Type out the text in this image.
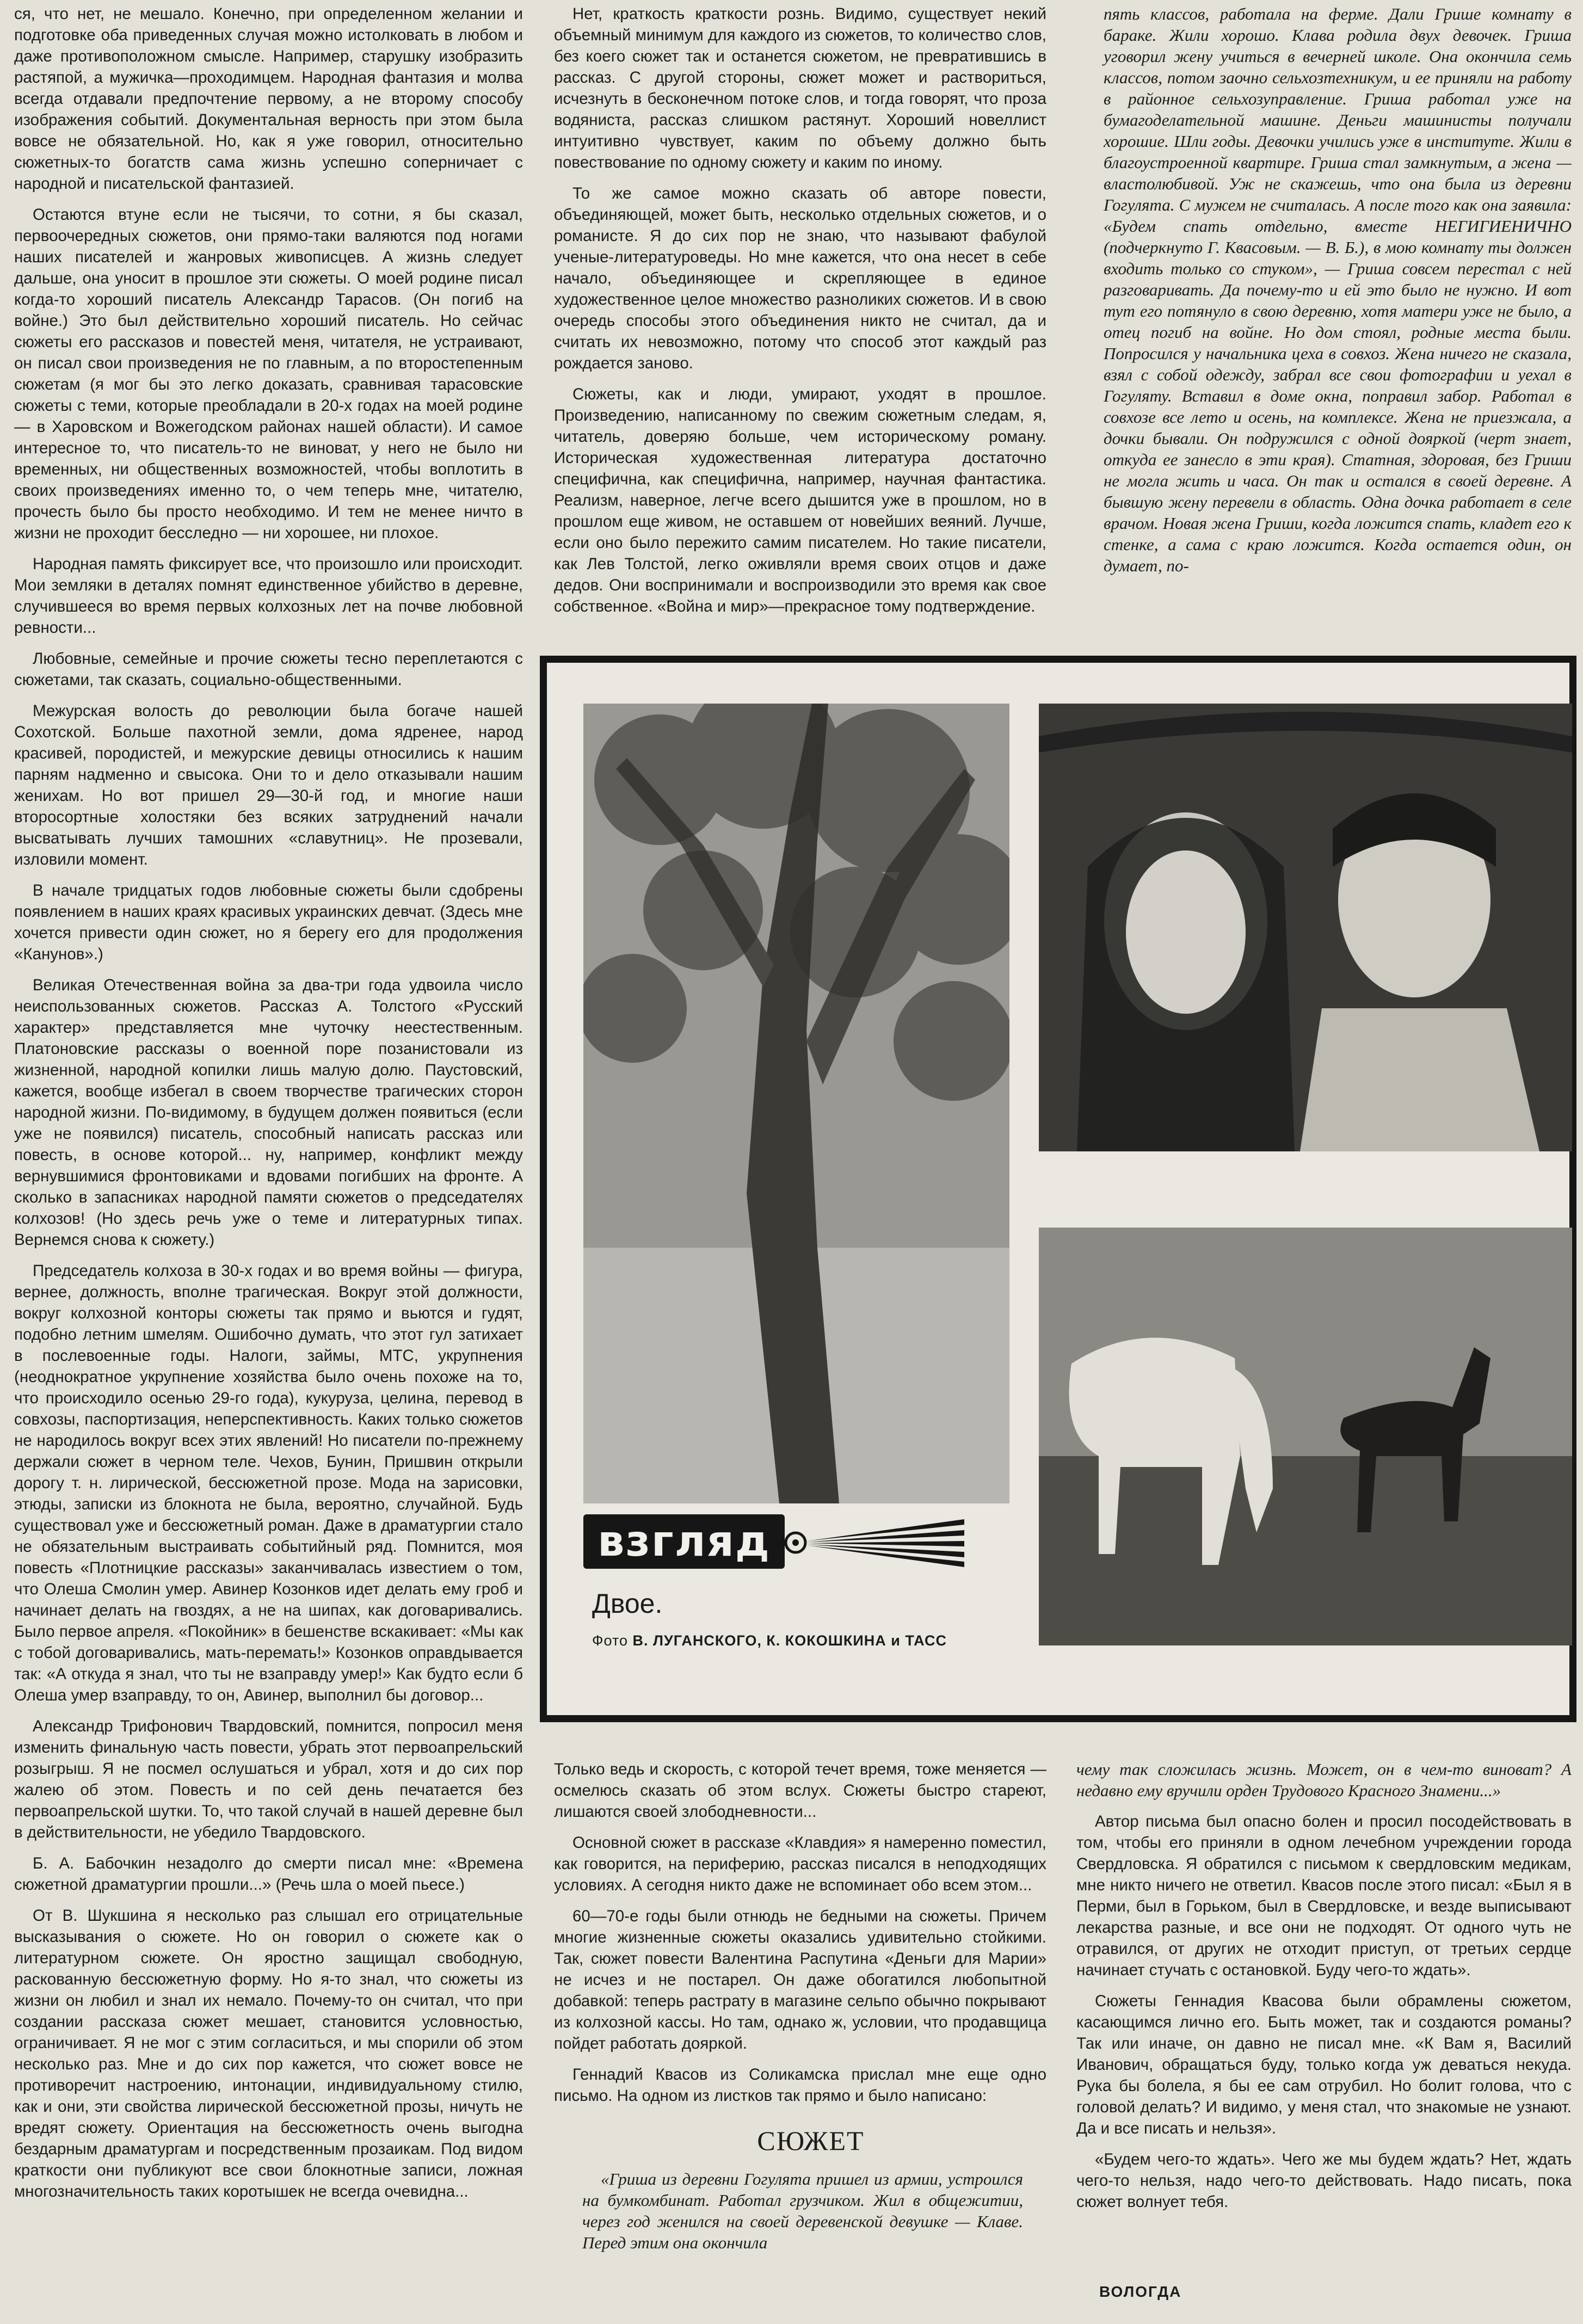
ся, что нет, не мешало. Конечно, при определенном желании и подготовке оба приведенных случая можно истолковать в любом и даже противоположном смысле. Например, старушку изобразить растяпой, а мужичка—проходимцем. Народная фантазия и молва всегда отдавали предпочтение первому, а не второму способу изображения событий. Документальная верность при этом была вовсе не обязательной. Но, как я уже говорил, относительно сюжетных-то богатств сама жизнь успешно соперничает с народной и писательской фантазией.

Остаются втуне если не тысячи, то сотни, я бы сказал, первоочередных сюжетов, они прямо-таки валяются под ногами наших писателей и жанровых живописцев. А жизнь следует дальше, она уносит в прошлое эти сюжеты. О моей родине писал когда-то хороший писатель Александр Тарасов. (Он погиб на войне.) Это был действительно хороший писатель. Но сейчас сюжеты его рассказов и повестей меня, читателя, не устраивают, он писал свои произведения не по главным, а по второстепенным сюжетам (я мог бы это легко доказать, сравнивая тарасовские сюжеты с теми, которые преобладали в 20-х годах на моей родине — в Харовском и Вожегодском районах нашей области). И самое интересное то, что писатель-то не виноват, у него не было ни временных, ни общественных возможностей, чтобы воплотить в своих произведениях именно то, о чем теперь мне, читателю, прочесть было бы просто необходимо. И тем не менее ничто в жизни не проходит бесследно — ни хорошее, ни плохое.

Народная память фиксирует все, что произошло или происходит. Мои земляки в деталях помнят единственное убийство в деревне, случившееся во время первых колхозных лет на почве любовной ревности...

Любовные, семейные и прочие сюжеты тесно переплетаются с сюжетами, так сказать, социально-общественными.

Межурская волость до революции была богаче нашей Сохотской. Больше пахотной земли, дома ядренее, народ красивей, породистей, и межурские девицы относились к нашим парням надменно и свысока. Они то и дело отказывали нашим женихам. Но вот пришел 29—30-й год, и многие наши второсортные холостяки без всяких затруднений начали высватывать лучших тамошних «славутниц». Не прозевали, изловили момент.

В начале тридцатых годов любовные сюжеты были сдобрены появлением в наших краях красивых украинских девчат. (Здесь мне хочется привести один сюжет, но я берегу его для продолжения «Канунов».)

Великая Отечественная война за два-три года удвоила число неиспользованных сюжетов. Рассказ А. Толстого «Русский характер» представляется мне чуточку неестественным. Платоновские рассказы о военной поре позанистовали из жизненной, народной копилки лишь малую долю. Паустовский, кажется, вообще избегал в своем творчестве трагических сторон народной жизни. По-видимому, в будущем должен появиться (если уже не появился) писатель, способный написать рассказ или повесть, в основе которой... ну, например, конфликт между вернувшимися фронтовиками и вдовами погибших на фронте. А сколько в запасниках народной памяти сюжетов о председателях колхозов! (Но здесь речь уже о теме и литературных типах. Вернемся снова к сюжету.)

Председатель колхоза в 30-х годах и во время войны — фигура, вернее, должность, вполне трагическая. Вокруг этой должности, вокруг колхозной конторы сюжеты так прямо и вьются и гудят, подобно летним шмелям. Ошибочно думать, что этот гул затихает в послевоенные годы. Налоги, займы, МТС, укрупнения (неоднократное укрупнение хозяйства было очень похоже на то, что происходило осенью 29-го года), кукуруза, целина, перевод в совхозы, паспортизация, неперспективность. Каких только сюжетов не народилось вокруг всех этих явлений! Но писатели по-прежнему держали сюжет в черном теле. Чехов, Бунин, Пришвин открыли дорогу т. н. лирической, бессюжетной прозе. Мода на зарисовки, этюды, записки из блокнота не была, вероятно, случайной. Будь существовал уже и бессюжетный роман. Даже в драматургии стало не обязательным выстраивать событийный ряд. Помнится, моя повесть «Плотницкие рассказы» заканчивалась известием о том, что Олеша Смолин умер. Авинер Козонков идет делать ему гроб и начинает делать на гвоздях, а не на шипах, как договаривались. Было первое апреля. «Покойник» в бешенстве вскакивает: «Мы как с тобой договаривались, мать-перемать!» Козонков оправдывается так: «А откуда я знал, что ты не взаправду умер!» Как будто если б Олеша умер взаправду, то он, Авинер, выполнил бы договор...

Александр Трифонович Твардовский, помнится, попросил меня изменить финальную часть повести, убрать этот первоапрельский розыгрыш. Я не посмел ослушаться и убрал, хотя и до сих пор жалею об этом. Повесть и по сей день печатается без первоапрельской шутки. То, что такой случай в нашей деревне был в действительности, не убедило Твардовского.

Б. А. Бабочкин незадолго до смерти писал мне: «Времена сюжетной драматургии прошли...» (Речь шла о моей пьесе.)

От В. Шукшина я несколько раз слышал его отрицательные высказывания о сюжете. Но он говорил о сюжете как о литературном сюжете. Он яростно защищал свободную, раскованную бессюжетную форму. Но я-то знал, что сюжеты из жизни он любил и знал их немало. Почему-то он считал, что при создании рассказа сюжет мешает, становится условностью, ограничивает. Я не мог с этим согласиться, и мы спорили об этом несколько раз. Мне и до сих пор кажется, что сюжет вовсе не противоречит настроению, интонации, индивидуальному стилю, как и они, эти свойства лирической бессюжетной прозы, ничуть не вредят сюжету. Ориентация на бессюжетность очень выгодна бездарным драматургам и посредственным прозаикам. Под видом краткости они публикуют все свои блокнотные записи, ложная многозначительность таких коротышек не всегда очевидна...

Нет, краткость краткости рознь. Видимо, существует некий объемный минимум для каждого из сюжетов, то количество слов, без коего сюжет так и останется сюжетом, не превратившись в рассказ. С другой стороны, сюжет может и раствориться, исчезнуть в бесконечном потоке слов, и тогда говорят, что проза водяниста, рассказ слишком растянут. Хороший новеллист интуитивно чувствует, каким по объему должно быть повествование по одному сюжету и каким по иному.

То же самое можно сказать об авторе повести, объединяющей, может быть, несколько отдельных сюжетов, и о романисте. Я до сих пор не знаю, что называют фабулой ученые-литературоведы. Но мне кажется, что она несет в себе начало, объединяющее и скрепляющее в единое художественное целое множество разноликих сюжетов. И в свою очередь способы этого объединения никто не считал, да и считать их невозможно, потому что способ этот каждый раз рождается заново.

Сюжеты, как и люди, умирают, уходят в прошлое. Произведению, написанному по свежим сюжетным следам, я, читатель, доверяю больше, чем историческому роману. Историческая художественная литература достаточно специфична, как специфична, например, научная фантастика. Реализм, наверное, легче всего дышится уже в прошлом, но в прошлом еще живом, не оставшем от новейших веяний. Лучше, если оно было пережито самим писателем. Но такие писатели, как Лев Толстой, легко оживляли время своих отцов и даже дедов. Они воспринимали и воспроизводили это время как свое собственное. «Война и мир»—прекрасное тому подтверждение.

пять классов, работала на ферме. Дали Грише комнату в бараке. Жили хорошо. Клава родила двух девочек. Гриша уговорил жену учиться в вечерней школе. Она окончила семь классов, потом заочно сельхозтехникум, и ее приняли на работу в районное сельхозуправление. Гриша работал уже на бумагоделательной машине. Деньги машинисты получали хорошие. Шли годы. Девочки учились уже в институте. Жили в благоустроенной квартире. Гриша стал замкнутым, а жена — властолюбивой. Уж не скажешь, что она была из деревни Гогулята. С мужем не считалась. А после того как она заявила: «Будем спать отдельно, вместе НЕГИГИЕНИЧНО (подчеркнуто Г. Квасовым. — В. Б.), в мою комнату ты должен входить только со стуком», — Гриша совсем перестал с ней разговаривать. Да почему-то и ей это было не нужно. И вот тут его потянуло в свою деревню, хотя матери уже не было, а отец погиб на войне. Но дом стоял, родные места были. Попросился у начальника цеха в совхоз. Жена ничего не сказала, взял с собой одежду, забрал все свои фотографии и уехал в Гогуляту. Вставил в доме окна, поправил забор. Работал в совхозе все лето и осень, на комплексе. Жена не приезжала, а дочки бывали. Он подружился с одной дояркой (черт знает, откуда ее занесло в эти края). Статная, здоровая, без Гриши не могла жить и часа. Он так и остался в своей деревне. А бывшую жену перевели в область. Одна дочка работает в селе врачом. Новая жена Гриши, когда ложится спать, кладет его к стенке, а сама с краю ложится. Когда остается один, он думает, по-

взгляд
Двое.
Фото В. ЛУГАНСКОГО, К. КОКОШКИНА и ТАСС

Только ведь и скорость, с которой течет время, тоже меняется — осмелюсь сказать об этом вслух. Сюжеты быстро стареют, лишаются своей злободневности...

Основной сюжет в рассказе «Клавдия» я намеренно поместил, как говорится, на периферию, рассказ писался в неподходящих условиях. А сегодня никто даже не вспоминает обо всем этом...

60—70-е годы были отнюдь не бедными на сюжеты. Причем многие жизненные сюжеты оказались удивительно стойкими. Так, сюжет повести Валентина Распутина «Деньги для Марии» не исчез и не постарел. Он даже обогатился любопытной добавкой: теперь растрату в магазине сельпо обычно покрывают из колхозной кассы. Но там, однако ж, условии, что продавщица пойдет работать дояркой.

Геннадий Квасов из Соликамска прислал мне еще одно письмо. На одном из листков так прямо и было написано:

СЮЖЕТ

«Гриша из деревни Гогулята пришел из армии, устроился на бумкомбинат. Работал грузчиком. Жил в общежитии, через год женился на своей деревенской девушке — Клаве. Перед этим она окончила

чему так сложилась жизнь. Может, он в чем-то виноват? А недавно ему вручили орден Трудового Красного Знамени...»

Автор письма был опасно болен и просил посодействовать в том, чтобы его приняли в одном лечебном учреждении города Свердловска. Я обратился с письмом к свердловским медикам, мне никто ничего не ответил. Квасов после этого писал: «Был я в Перми, был в Горьком, был в Свердловске, и везде выписывают лекарства разные, и все они не подходят. От одного чуть не отравился, от других не отходит приступ, от третьих сердце начинает стучать с остановкой. Буду чего-то ждать».

Сюжеты Геннадия Квасова были обрамлены сюжетом, касающимся лично его. Быть может, так и создаются романы? Так или иначе, он давно не писал мне. «К Вам я, Василий Иванович, обращаться буду, только когда уж деваться некуда. Рука бы болела, я бы ее сам отрубил. Но болит голова, что с головой делать? И видимо, у меня стал, что знакомые не узнают. Да и все писать и нельзя».

«Будем чего-то ждать». Чего же мы будем ждать? Нет, ждать чего-то нельзя, надо чего-то действовать. Надо писать, пока сюжет волнует тебя.

ВОЛОГДА
